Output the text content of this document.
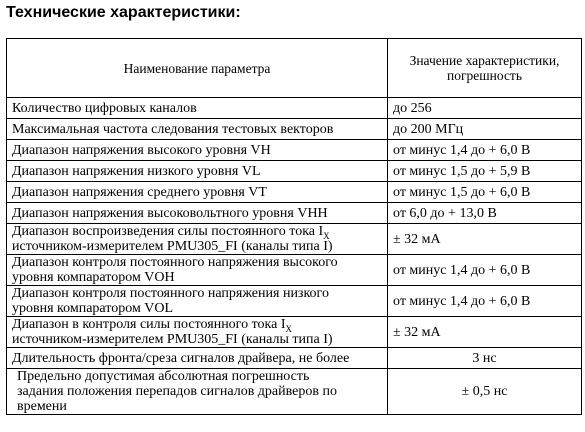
Технические характеристики:
Наименование параметра	Значение характеристики,
погрешность
Количество цифровых каналов	до 256
Максимальная частота следования тестовых векторов	до 200 МГц
Диапазон напряжения высокого уровня VH	от минус 1,4 до + 6,0 В
Диапазон напряжения низкого уровня VL	от минус 1,5 до + 5,9 В
Диапазон напряжения среднего уровня VT	от минус 1,5 до + 6,0 В
Диапазон напряжения высоковольтного уровня VHH	от 6,0 до + 13,0 В
Диапазон воспроизведения силы постоянного тока $I_X$
источником-измерителем PMU305_FI (каналы типа I)	± 32 мА
Диапазон контроля постоянного напряжения высокого
уровня компаратором VOH	от минус 1,4 до + 6,0 В
Диапазон контроля постоянного напряжения низкого
уровня компаратором VOL	от минус 1,4 до + 6,0 В
Диапазон в контроля силы постоянного тока $I_X$
источником-измерителем PMU305_FI (каналы типа I)	± 32 мА
Длительность фронта/среза сигналов драйвера, не более	3 нс
Предельно допустимая абсолютная погрешность
задания положения перепадов сигналов драйверов по
времени	± 0,5 нс
